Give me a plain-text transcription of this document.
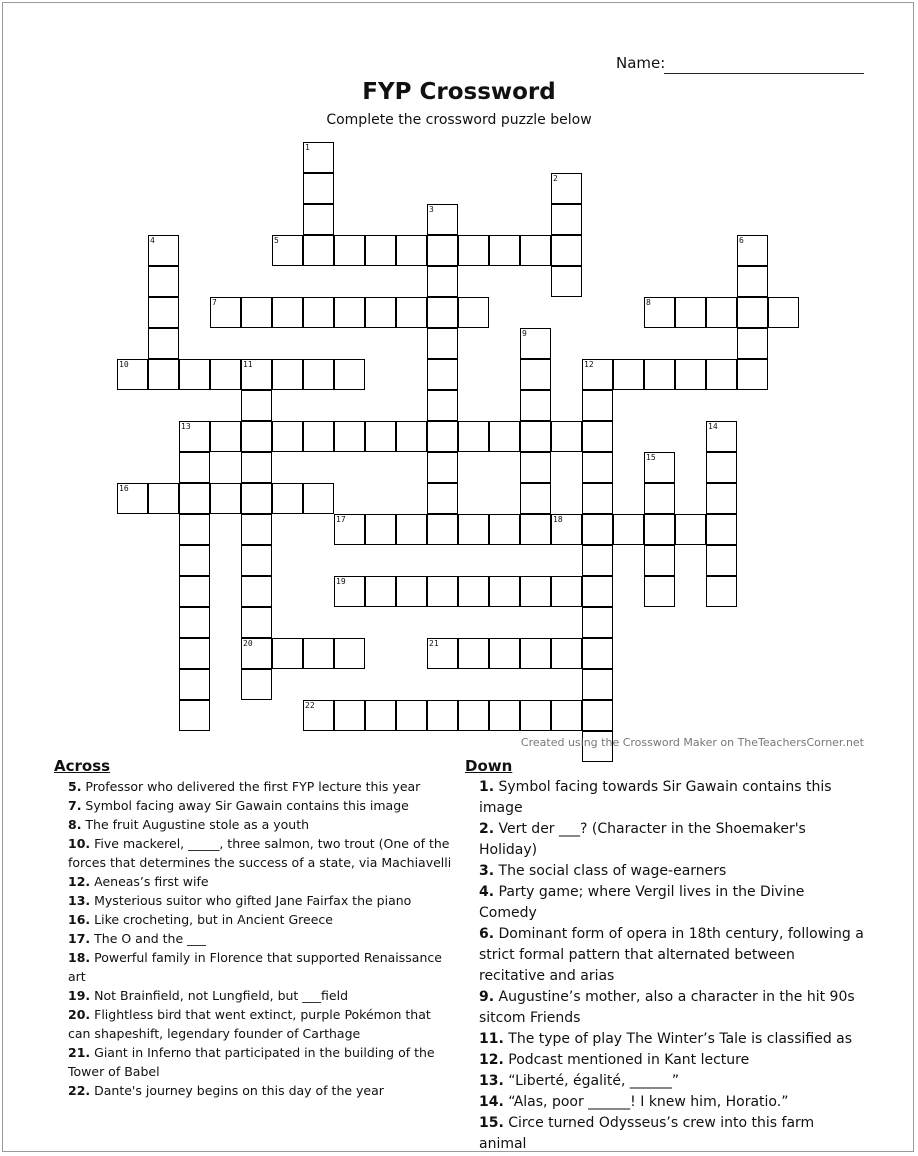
Name:
FYP Crossword
Complete the crossword puzzle below
1
2
3
4	5	6
7	8
9
10	11	12
13	14
15
16
17	18
19
20	21
22
Created using the Crossword Maker on TheTeachersCorner.net
Across
5. Professor who delivered the first FYP lecture this year
7. Symbol facing away Sir Gawain contains this image
8. The fruit Augustine stole as a youth
10. Five mackerel, _____, three salmon, two trout (One of the forces that determines the success of a state, via Machiavelli
12. Aeneas’s first wife
13. Mysterious suitor who gifted Jane Fairfax the piano
16. Like crocheting, but in Ancient Greece
17. The O and the ___
18. Powerful family in Florence that supported Renaissance art
19. Not Brainfield, not Lungfield, but ___field
20. Flightless bird that went extinct, purple Pokémon that can shapeshift, legendary founder of Carthage
21. Giant in Inferno that participated in the building of the Tower of Babel
22. Dante's journey begins on this day of the year
Down
1. Symbol facing towards Sir Gawain contains this image
2. Vert der ___? (Character in the Shoemaker's Holiday)
3. The social class of wage-earners
4. Party game; where Vergil lives in the Divine Comedy
6. Dominant form of opera in 18th century, following a strict formal pattern that alternated between recitative and arias
9. Augustine’s mother, also a character in the hit 90s sitcom Friends
11. The type of play The Winter’s Tale is classified as
12. Podcast mentioned in Kant lecture
13. “Liberté, égalité, ______”
14. “Alas, poor ______! I knew him, Horatio.”
15. Circe turned Odysseus’s crew into this farm animal
